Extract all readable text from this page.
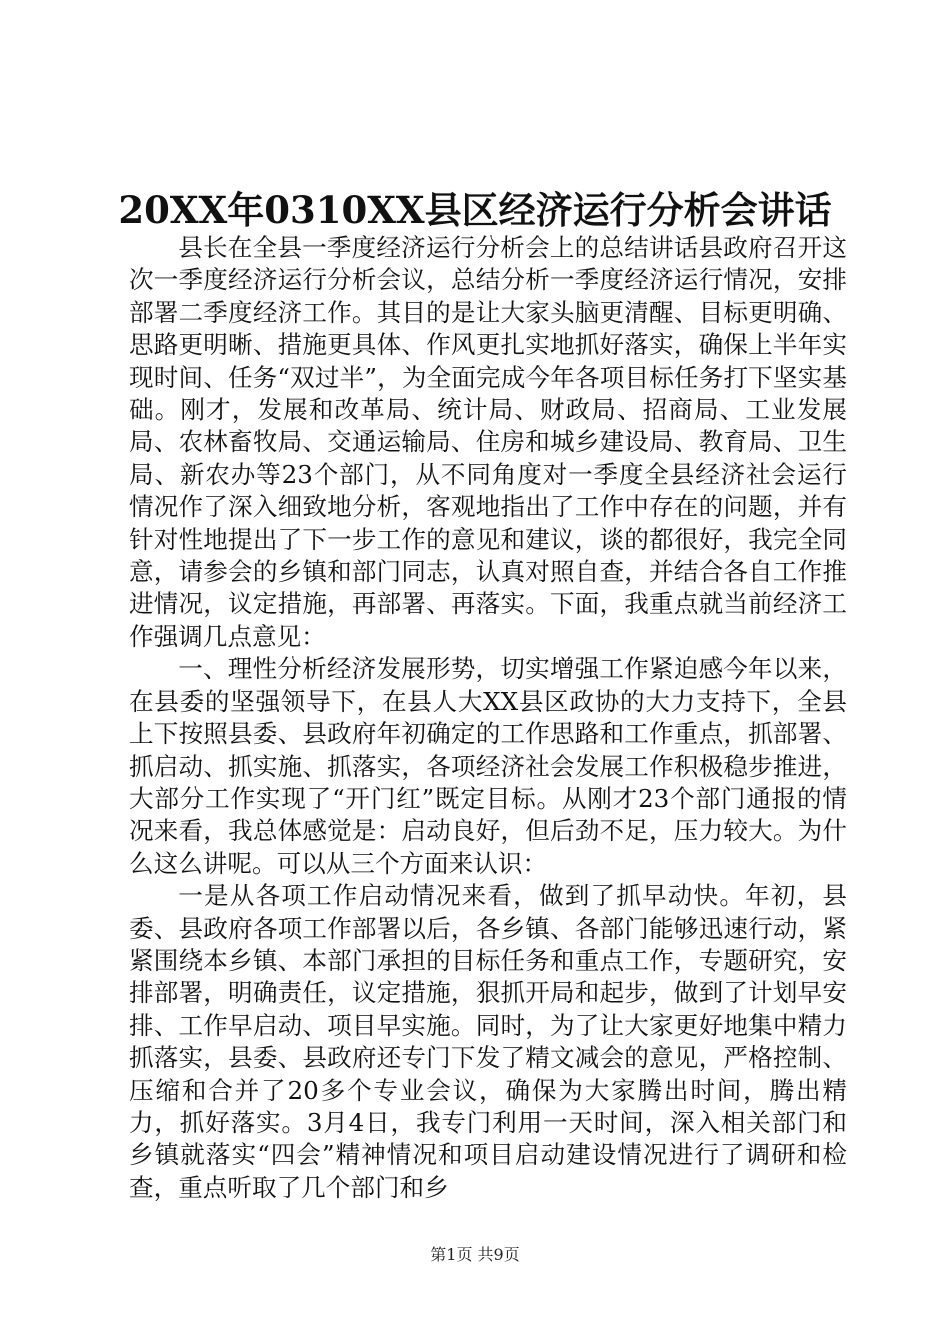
20XX年0310XX县区经济运行分析会讲话

县长在全县一季度经济运行分析会上的总结讲话县政府召开这次一季度经济运行分析会议，总结分析一季度经济运行情况，安排部署二季度经济工作。其目的是让大家头脑更清醒、目标更明确、思路更明晰、措施更具体、作风更扎实地抓好落实，确保上半年实现时间、任务“双过半”，为全面完成今年各项目标任务打下坚实基础。刚才，发展和改革局、统计局、财政局、招商局、工业发展局、农林畜牧局、交通运输局、住房和城乡建设局、教育局、卫生局、新农办等23个部门，从不同角度对一季度全县经济社会运行情况作了深入细致地分析，客观地指出了工作中存在的问题，并有针对性地提出了下一步工作的意见和建议，谈的都很好，我完全同意，请参会的乡镇和部门同志，认真对照自查，并结合各自工作推进情况，议定措施，再部署、再落实。下面，我重点就当前经济工作强调几点意见：

一、理性分析经济发展形势，切实增强工作紧迫感今年以来，在县委的坚强领导下，在县人大XX县区政协的大力支持下，全县上下按照县委、县政府年初确定的工作思路和工作重点，抓部署、抓启动、抓实施、抓落实，各项经济社会发展工作积极稳步推进，大部分工作实现了“开门红”既定目标。从刚才23个部门通报的情况来看，我总体感觉是：启动良好，但后劲不足，压力较大。为什么这么讲呢。可以从三个方面来认识：

一是从各项工作启动情况来看，做到了抓早动快。年初，县委、县政府各项工作部署以后，各乡镇、各部门能够迅速行动，紧紧围绕本乡镇、本部门承担的目标任务和重点工作，专题研究，安排部署，明确责任，议定措施，狠抓开局和起步，做到了计划早安排、工作早启动、项目早实施。同时，为了让大家更好地集中精力抓落实，县委、县政府还专门下发了精文减会的意见，严格控制、压缩和合并了20多个专业会议，确保为大家腾出时间，腾出精力，抓好落实。3月4日，我专门利用一天时间，深入相关部门和乡镇就落实“四会”精神情况和项目启动建设情况进行了调研和检查，重点听取了几个部门和乡

第1页 共9页
